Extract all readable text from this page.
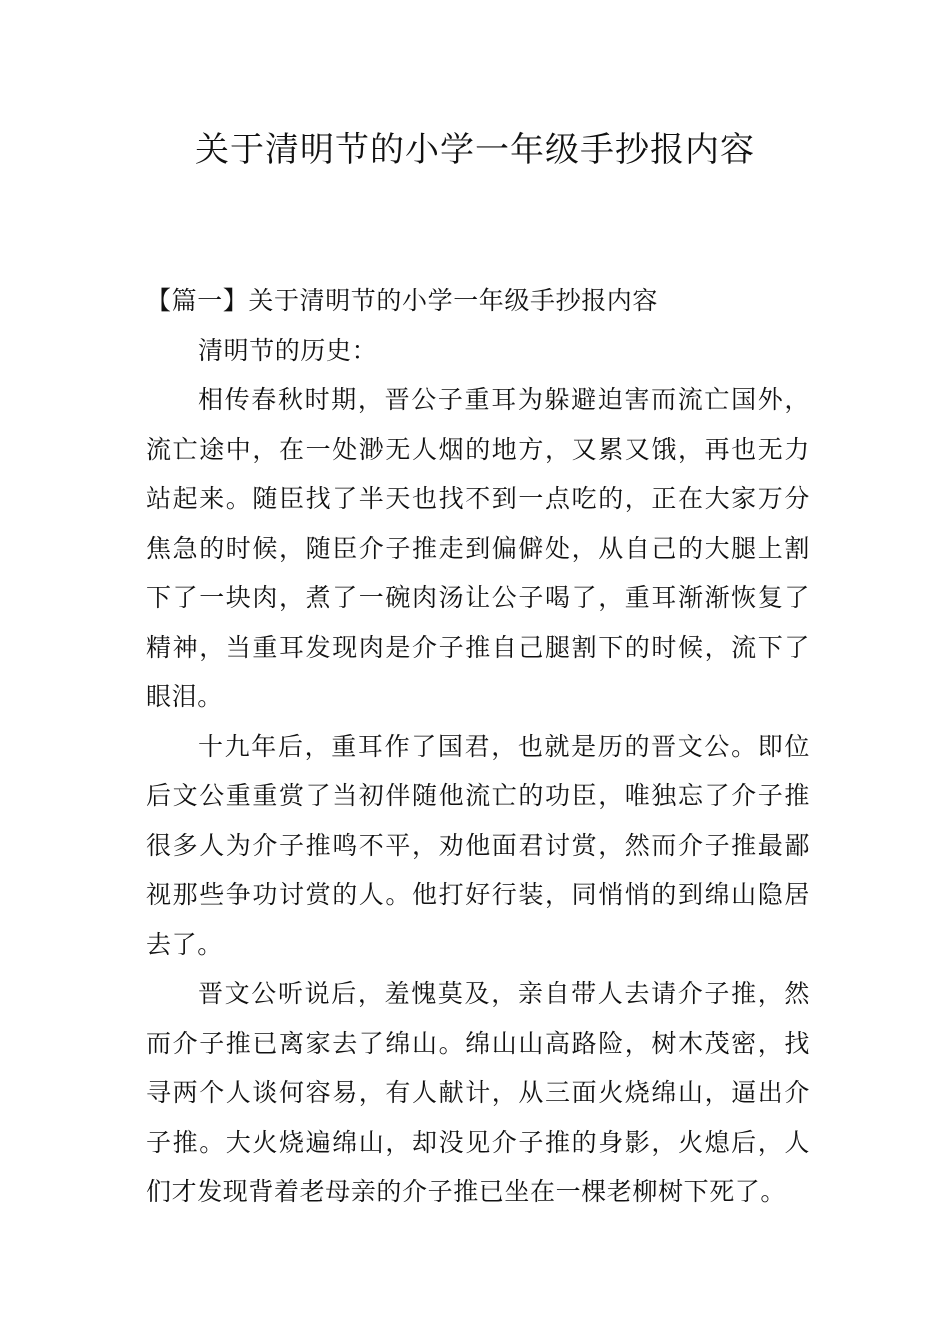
关于清明节的小学一年级手抄报内容

【篇一】关于清明节的小学一年级手抄报内容

清明节的历史：

相传春秋时期，晋公子重耳为躲避迫害而流亡国外，流亡途中，在一处渺无人烟的地方，又累又饿，再也无力站起来。随臣找了半天也找不到一点吃的，正在大家万分焦急的时候，随臣介子推走到偏僻处，从自己的大腿上割下了一块肉，煮了一碗肉汤让公子喝了，重耳渐渐恢复了精神，当重耳发现肉是介子推自己腿割下的时候，流下了眼泪。

十九年后，重耳作了国君，也就是历的晋文公。即位后文公重重赏了当初伴随他流亡的功臣，唯独忘了介子推很多人为介子推鸣不平，劝他面君讨赏，然而介子推最鄙视那些争功讨赏的人。他打好行装，同悄悄的到绵山隐居去了。

晋文公听说后，羞愧莫及，亲自带人去请介子推，然而介子推已离家去了绵山。绵山山高路险，树木茂密，找寻两个人谈何容易，有人献计，从三面火烧绵山，逼出介子推。大火烧遍绵山，却没见介子推的身影，火熄后，人们才发现背着老母亲的介子推已坐在一棵老柳树下死了。
